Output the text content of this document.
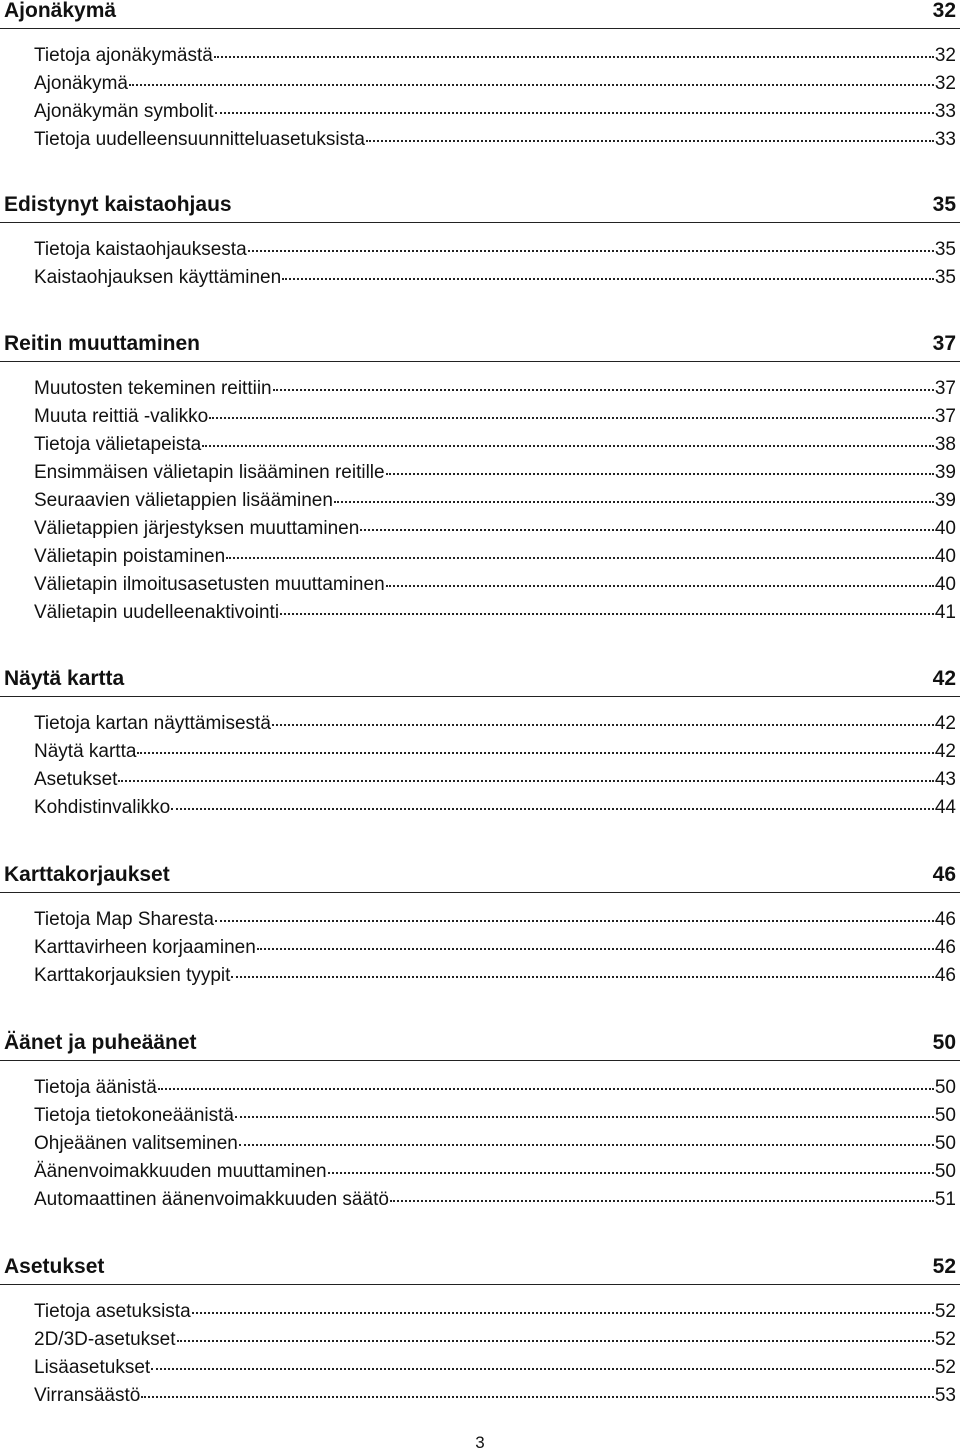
Ajonäkymä	32
Tietoja ajonäkymästä	32
Ajonäkymä	32
Ajonäkymän symbolit	33
Tietoja uudelleensuunnitteluasetuksista	33
Edistynyt kaistaohjaus	35
Tietoja kaistaohjauksesta	35
Kaistaohjauksen käyttäminen	35
Reitin muuttaminen	37
Muutosten tekeminen reittiin	37
Muuta reittiä -valikko	37
Tietoja välietapeista	38
Ensimmäisen välietapin lisääminen reitille	39
Seuraavien välietappien lisääminen	39
Välietappien järjestyksen muuttaminen	40
Välietapin poistaminen	40
Välietapin ilmoitusasetusten muuttaminen	40
Välietapin uudelleenaktivointi	41
Näytä kartta	42
Tietoja kartan näyttämisestä	42
Näytä kartta	42
Asetukset	43
Kohdistinvalikko	44
Karttakorjaukset	46
Tietoja Map Sharesta	46
Karttavirheen korjaaminen	46
Karttakorjauksien tyypit	46
Äänet ja puheäänet	50
Tietoja äänistä	50
Tietoja tietokoneäänistä	50
Ohjeäänen valitseminen	50
Äänenvoimakkuuden muuttaminen	50
Automaattinen äänenvoimakkuuden säätö	51
Asetukset	52
Tietoja asetuksista	52
2D/3D-asetukset	52
Lisäasetukset	52
Virransäästö	53
3
